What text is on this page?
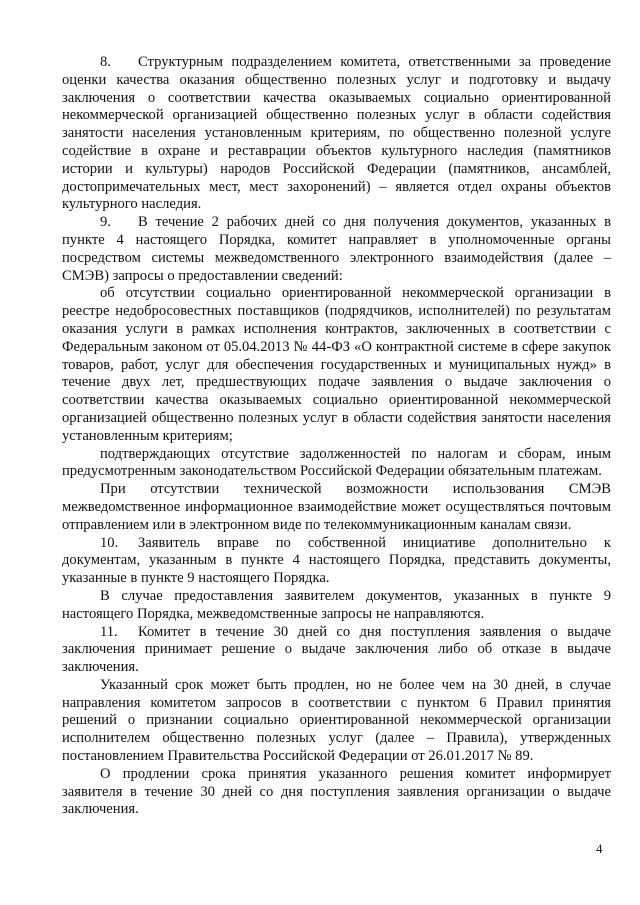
8. Структурным подразделением комитета, ответственными за проведение оценки качества оказания общественно полезных услуг и подготовку и выдачу заключения о соответствии качества оказываемых социально ориентированной некоммерческой организацией общественно полезных услуг в области содействия занятости населения установленным критериям, по общественно полезной услуге содействие в охране и реставрации объектов культурного наследия (памятников истории и культуры) народов Российской Федерации (памятников, ансамблей, достопримечательных мест, мест захоронений) – является отдел охраны объектов культурного наследия.

9. В течение 2 рабочих дней со дня получения документов, указанных в пункте 4 настоящего Порядка, комитет направляет в уполномоченные органы посредством системы межведомственного электронного взаимодействия (далее – СМЭВ) запросы о предоставлении сведений:

об отсутствии социально ориентированной некоммерческой организации в реестре недобросовестных поставщиков (подрядчиков, исполнителей) по результатам оказания услуги в рамках исполнения контрактов, заключенных в соответствии с Федеральным законом от 05.04.2013 № 44-ФЗ «О контрактной системе в сфере закупок товаров, работ, услуг для обеспечения государственных и муниципальных нужд» в течение двух лет, предшествующих подаче заявления о выдаче заключения о соответствии качества оказываемых социально ориентированной некоммерческой организацией общественно полезных услуг в области содействия занятости населения установленным критериям;

подтверждающих отсутствие задолженностей по налогам и сборам, иным предусмотренным законодательством Российской Федерации обязательным платежам.

При отсутствии технической возможности использования СМЭВ межведомственное информационное взаимодействие может осуществляться почтовым отправлением или в электронном виде по телекоммуникационным каналам связи.

10. Заявитель вправе по собственной инициативе дополнительно к документам, указанным в пункте 4 настоящего Порядка, представить документы, указанные в пункте 9 настоящего Порядка.

В случае предоставления заявителем документов, указанных в пункте 9 настоящего Порядка, межведомственные запросы не направляются.

11. Комитет в течение 30 дней со дня поступления заявления о выдаче заключения принимает решение о выдаче заключения либо об отказе в выдаче заключения.

Указанный срок может быть продлен, но не более чем на 30 дней, в случае направления комитетом запросов в соответствии с пунктом 6 Правил принятия решений о признании социально ориентированной некоммерческой организации исполнителем общественно полезных услуг (далее – Правила), утвержденных постановлением Правительства Российской Федерации от 26.01.2017 № 89.

О продлении срока принятия указанного решения комитет информирует заявителя в течение 30 дней со дня поступления заявления организации о выдаче заключения.

4
